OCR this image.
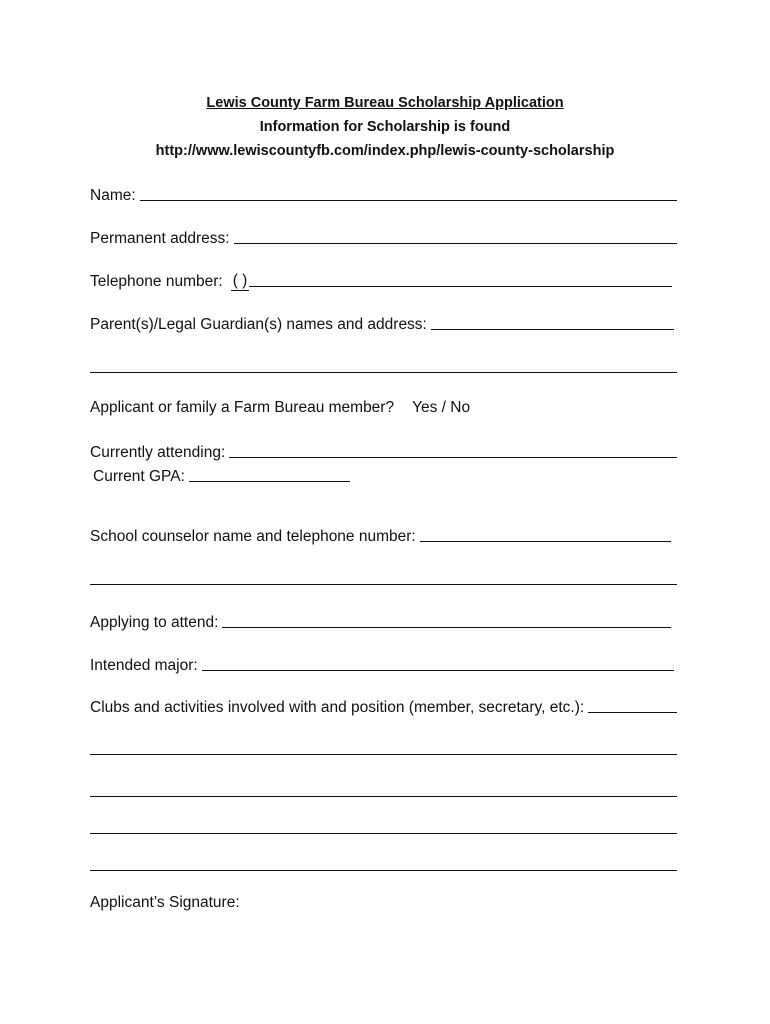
Lewis County Farm Bureau Scholarship Application
Information for Scholarship is found
http://www.lewiscountyfb.com/index.php/lewis-county-scholarship
Name:
Permanent address:
Telephone number: ( )
Parent(s)/Legal Guardian(s) names and address:
Applicant or family a Farm Bureau member? Yes / No
Currently attending:
Current GPA:
School counselor name and telephone number:
Applying to attend:
Intended major:
Clubs and activities involved with and position (member, secretary, etc.):
Applicant’s Signature:
